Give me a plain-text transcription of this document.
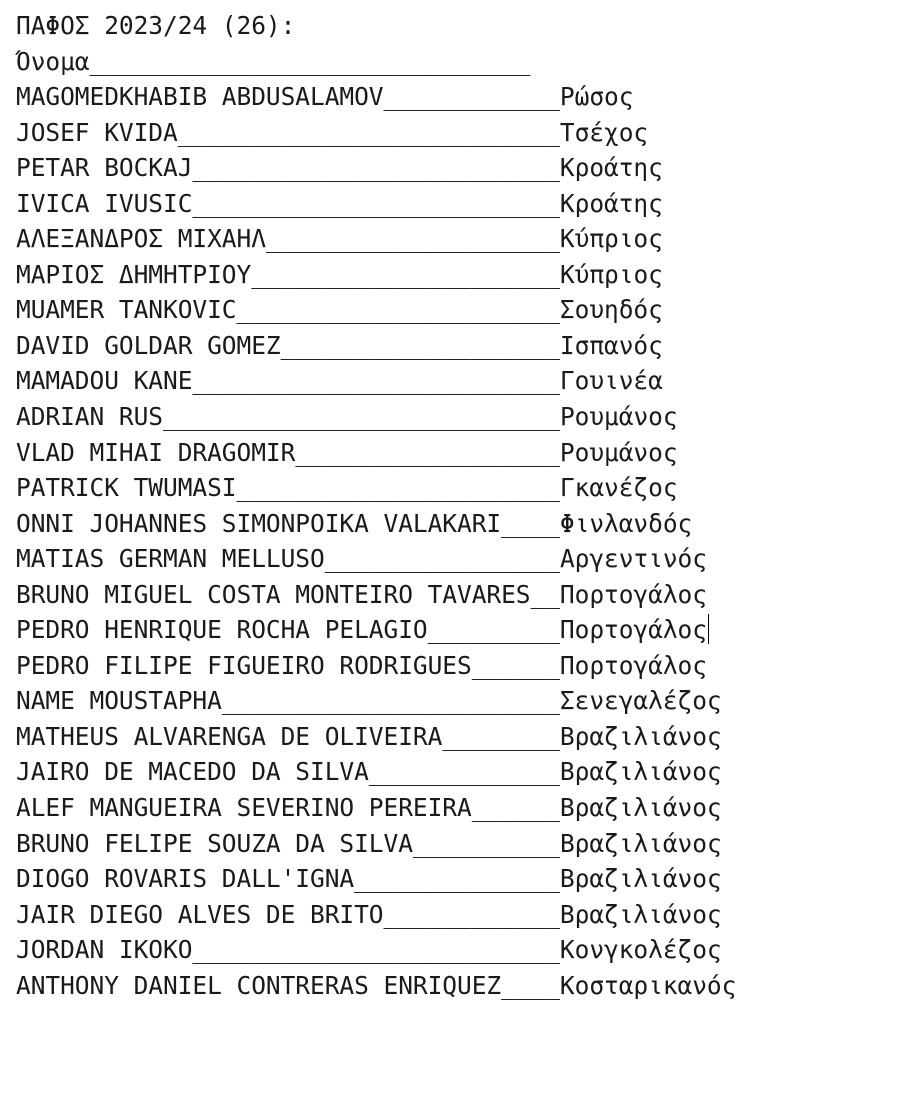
ΠΑΦΟΣ 2023/24 (26):
Όνομα______________________________
MAGOMEDKHABIB ABDUSALAMOV____________Ρώσος
JOSEF KVIDA__________________________Τσέχος
PETAR BOCKAJ_________________________Κροάτης
IVICA IVUSIC_________________________Κροάτης
ΑΛΕΞΑΝΔΡΟΣ ΜΙΧΑΗΛ____________________Κύπριος
ΜΑΡΙΟΣ ΔΗΜΗΤΡΙΟΥ_____________________Κύπριος
MUAMER TANKOVIC______________________Σουηδός
DAVID GOLDAR GOMEZ___________________Ισπανός
MAMADOU KANE_________________________Γουινέα
ADRIAN RUS___________________________Ρουμάνος
VLAD MIHAI DRAGOMIR__________________Ρουμάνος
PATRICK TWUMASI______________________Γκανέζος
ONNI JOHANNES SIMONPOIKA VALAKARI____Φινλανδός
MATIAS GERMAN MELLUSO________________Αργεντινός
BRUNO MIGUEL COSTA MONTEIRO TAVARES__Πορτογάλος
PEDRO HENRIQUE ROCHA PELAGIO_________Πορτογάλος
PEDRO FILIPE FIGUEIRO RODRIGUES______Πορτογάλος
NAME MOUSTAPHA_______________________Σενεγαλέζος
MATHEUS ALVARENGA DE OLIVEIRA________Βραζιλιάνος
JAIRO DE MACEDO DA SILVA_____________Βραζιλιάνος
ALEF MANGUEIRA SEVERINO PEREIRA______Βραζιλιάνος
BRUNO FELIPE SOUZA DA SILVA__________Βραζιλιάνος
DIOGO ROVARIS DALL'IGNA______________Βραζιλιάνος
JAIR DIEGO ALVES DE BRITO____________Βραζιλιάνος
JORDAN IKOKO_________________________Κονγκολέζος
ANTHONY DANIEL CONTRERAS ENRIQUEZ____Κοσταρικανός
